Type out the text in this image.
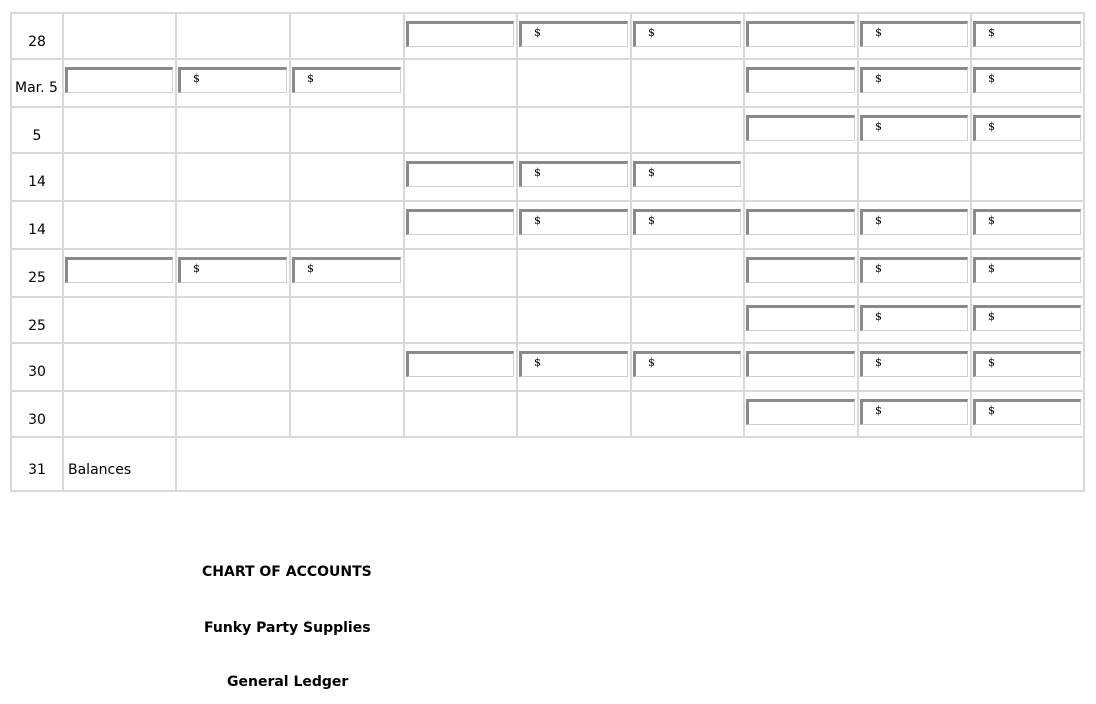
28					$	$		$	$

Mar. 5		$	$					$	$

5								$	$

14					$	$			

14					$	$		$	$

25		$	$					$	$

25								$	$

30					$	$		$	$

30								$	$

31	Balances								

CHART OF ACCOUNTS
Funky Party Supplies
General Ledger
